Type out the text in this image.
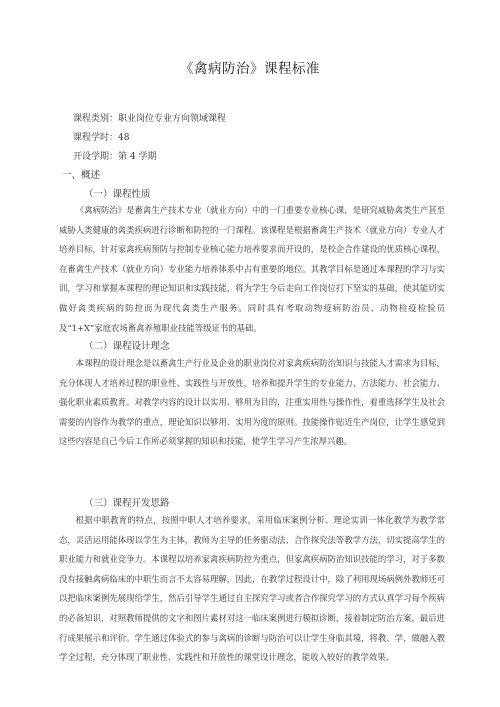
《禽病防治》课程标准
课程类别：职业岗位专业方向领域课程
课程学时：48
开设学期：第 4 学期
一、概述
（一）课程性质

《禽病防治》是畜禽生产技术专业（就业方向）中的一门重要专业核心课，是研究威胁禽类生产甚至威胁人类健康的禽类疾病进行诊断和防控的一门课程。该课程是根据畜禽生产技术（就业方向）专业人才培养目标，针对家禽疾病预防与控制专业核心能力培养要求而开设的，是校企合作建设的优质核心课程，在畜禽生产技术（就业方向）专业能力培养体系中占有重要的地位。其教学目标是通过本课程的学习与实训，学习和掌握本课程的理论知识和实践技能，将为学生今后走向工作岗位打下坚实的基础，使其能切实做好禽类疾病的防控而为现代禽类生产服务。同时具有考取动物疫病防治员、动物检疫检验员及“1+X”家庭农场畜禽养殖职业技能等级证书的基础。

（二）课程设计理念

本课程的设计理念是以畜禽生产行业及企业的职业岗位对家禽疾病防治知识与技能人才需求为目标，充分体现人才培养过程的职业性、实践性与开放性，培养和提升学生的专业能力、方法能力、社会能力、强化职业素质教育。对教学内容的设计以实用、够用为目的，注重实用性与操作性，着重选择学生及社会需要的内容作为教学的重点，理论知识以够用、实用为度的原则。技能操作贴近生产岗位，让学生感觉到这些内容是自己今后工作所必须掌握的知识和技能，使学生学习产生浓厚兴趣。

（三）课程开发思路

根据中职教育的特点，按照中职人才培养要求，采用临床案例分析、理论实训一体化教学为教学常态，灵活运用能体现以学生为主体，教师为主导的任务驱动法、合作探究法等教学方法，切实提高学生的职业能力和就业竞争力。本课程以培养家禽疾病防控为重点，但家禽疾病防治知识技能的学习，对于多数没有接触禽病临床的中职生而言不太容易理解，因此，在教学过程设计中，除了利用现场病例外教师还可以把临床案例先展现给学生，然后引导学生通过自主探究学习或者合作探究学习的方式认真学习每个疾病的必备知识，对照教师提供的文字和图片素材对这一临床案例进行模拟诊断，接着制定防治方案，最后进行成果展示和评价。学生通过体验式的参与禽病的诊断与防治可以让学生身临其境，将教、学、做融入教学全过程，充分体现了职业性、实践性和开放性的课堂设计理念，能收入较好的教学效果。
